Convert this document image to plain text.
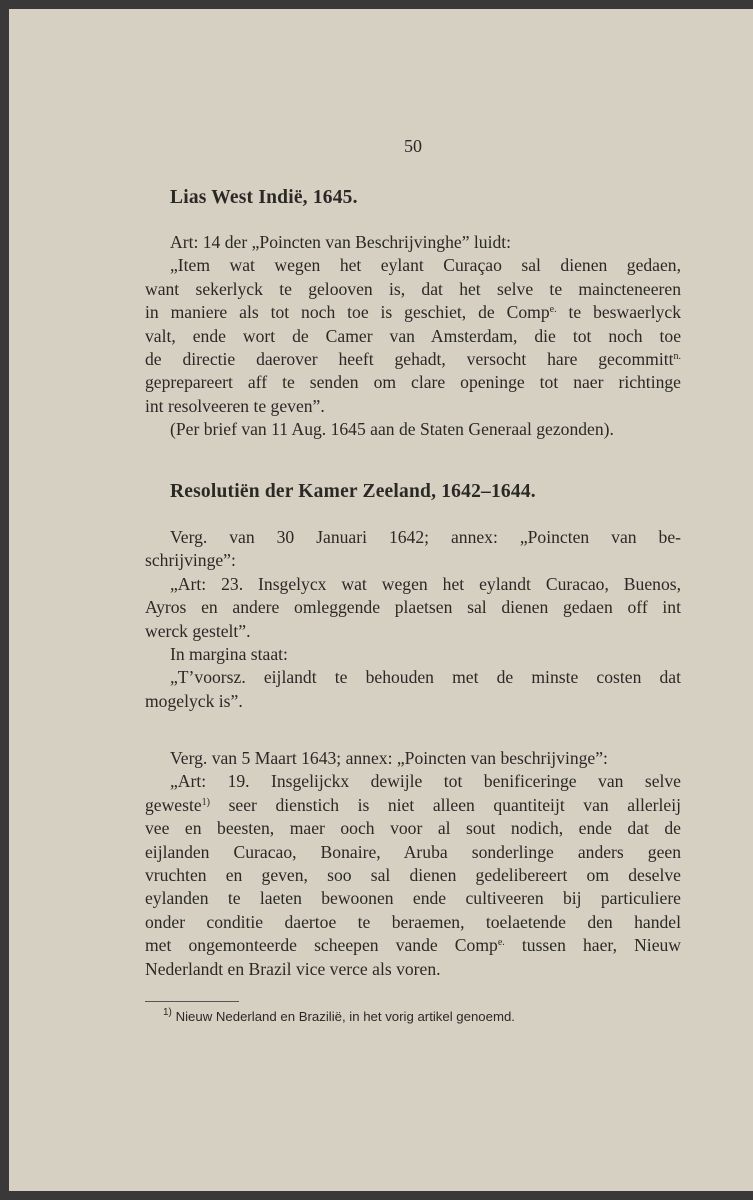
50
Lias West Indië, 1645.
Art: 14 der „Poincten van Beschrijvinghe” luidt:
„Item wat wegen het eylant Curaçao sal dienen gedaen,
want sekerlyck te gelooven is, dat het selve te maincteneeren
in maniere als tot noch toe is geschiet, de Comp$^{e.}$ te beswaerlyck
valt, ende wort de Camer van Amsterdam, die tot noch toe
de directie daerover heeft gehadt, versocht hare gecommitt$^{n.}$
geprepareert aff te senden om clare openinge tot naer richtinge
int resolveeren te geven”.
(Per brief van 11 Aug. 1645 aan de Staten Generaal gezonden).
Resolutiën der Kamer Zeeland, 1642–1644.
Verg. van 30 Januari 1642; annex: „Poincten van be-
schrijvinge”:
„Art: 23. Insgelycx wat wegen het eylandt Curacao, Buenos,
Ayros en andere omleggende plaetsen sal dienen gedaen off int
werck gestelt”.
In margina staat:
„T’voorsz. eijlandt te behouden met de minste costen dat
mogelyck is”.
Verg. van 5 Maart 1643; annex: „Poincten van beschrijvinge”:
„Art: 19. Insgelijckx dewijle tot benificeringe van selve
geweste$^{1)}$ seer dienstich is niet alleen quantiteijt van allerleij
vee en beesten, maer ooch voor al sout nodich, ende dat de
eijlanden Curacao, Bonaire, Aruba sonderlinge anders geen
vruchten en geven, soo sal dienen gedelibereert om deselve
eylanden te laeten bewoonen ende cultiveeren bij particuliere
onder conditie daertoe te beraemen, toelaetende den handel
met ongemonteerde scheepen vande Comp$^{e.}$ tussen haer, Nieuw
Nederlandt en Brazil vice verce als voren.
$^{1)}$ Nieuw Nederland en Brazilië, in het vorig artikel genoemd.
